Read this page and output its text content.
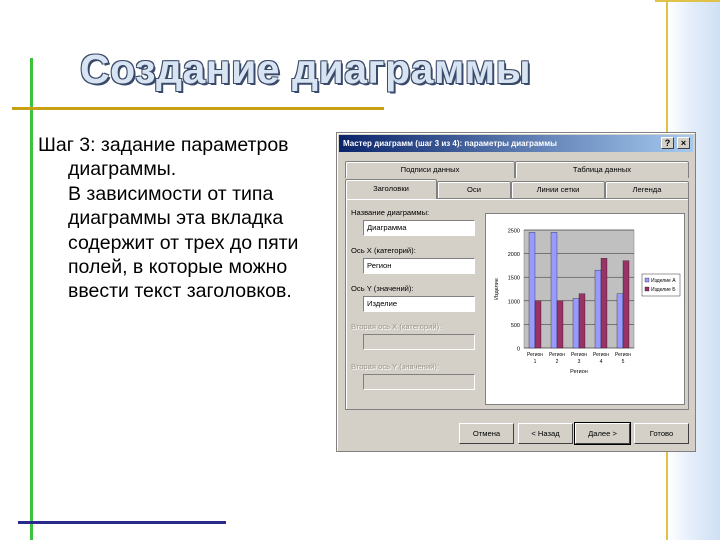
Создание диаграммы
Шаг 3: задание параметров диаграммы.
В зависимости от типа диаграммы эта вкладка содержит от трех до пяти полей, в которые можно ввести текст заголовков.
Мастер диаграмм (шаг 3 из 4): параметры диаграммы	?	×
Подписи данных	Таблица данных
Заголовки	Оси	Линии сетки	Легенда
Название диаграммы:
Диаграмма
Ось X (категорий):
Регион
Ось Y (значений):
Изделие
Вторая ось X (категорий):
Вторая ось Y (значений):
0
500
1000
1500
2000
2500
Регион
1
Регион
2
Регион
3
Регион
4
Регион
5
Регион
Изделие	Изделие А
Изделие Б
Отмена	< Назад	Далее >	Готово
